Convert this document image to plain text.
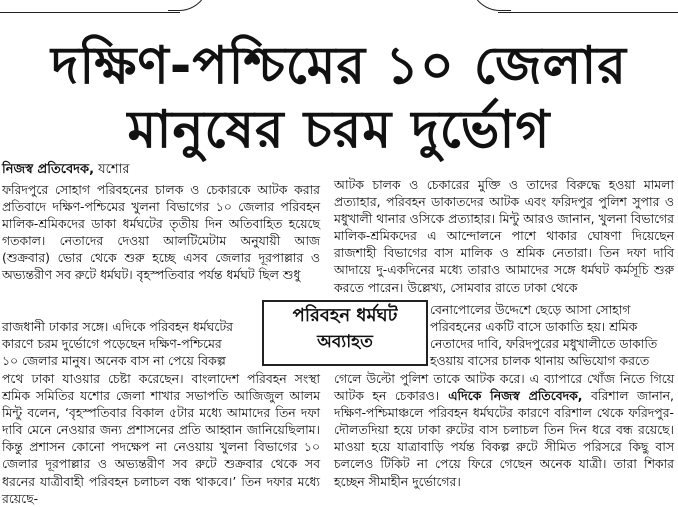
দক্ষিণ-পশ্চিমের ১০ জেলার
মানুষের চরম দুর্ভোগ
নিজস্ব প্রতিবেদক, যশোর

ফরিদপুরে সোহাগ পরিবহনের চালক ও চেকারকে আটক করার প্রতিবাদে দক্ষিণ-পশ্চিমের খুলনা বিভাগের ১০ জেলার পরিবহন মালিক-শ্রমিকদের ডাকা ধর্মঘটের তৃতীয় দিন অতিবাহিত হয়েছে গতকাল। নেতাদের দেওয়া আলটিমেটাম অনুযায়ী আজ (শুক্রবার) ভোর থেকে শুরু হচ্ছে এসব জেলার দূরপাল্লার ও অভ্যন্তরীণ সব রুটে ধর্মঘট। বৃহস্পতিবার পর্যন্ত ধর্মঘট ছিল শুধু

রাজধানী ঢাকার সঙ্গে। এদিকে পরিবহন ধর্মঘটের
কারণে চরম দুর্ভোগে পড়েছেন দক্ষিণ-পশ্চিমের
১০ জেলার মানুষ। অনেক বাস না পেয়ে বিকল্প

পথে ঢাকা যাওয়ার চেষ্টা করেছেন। বাংলাদেশ পরিবহন সংস্থা শ্রমিক সমিতির যশোর জেলা শাখার সভাপতি আজিজুল আলম মিন্টু বলেন, ‘বৃহস্পতিবার বিকাল ৫টার মধ্যে আমাদের তিন দফা দাবি মেনে নেওয়ার জন্য প্রশাসনের প্রতি আহ্বান জানিয়েছিলাম। কিন্তু প্রশাসন কোনো পদক্ষেপ না নেওয়ায় খুলনা বিভাগের ১০ জেলার দূরপাল্লার ও অভ্যন্তরীণ সব রুটে শুক্রবার থেকে সব ধরনের যাত্রীবাহী পরিবহন চলাচল বন্ধ থাকবে।’ তিন দফার মধ্যে রয়েছে-

আটক চালক ও চেকারের মুক্তি ও তাদের বিরুদ্ধে হওয়া মামলা প্রত্যাহার, পরিবহন ডাকাতদের আটক এবং ফরিদপুর পুলিশ সুপার ও মধুখালী থানার ওসিকে প্রত্যাহার। মিন্টু আরও জানান, খুলনা বিভাগের মালিক-শ্রমিকদের এ আন্দোলনে পাশে থাকার ঘোষণা দিয়েছেন রাজশাহী বিভাগের বাস মালিক ও শ্রমিক নেতারা। তিন দফা দাবি আদায়ে দু-একদিনের মধ্যে তারাও আমাদের সঙ্গে ধর্মঘট কর্মসূচি শুরু করতে পারেন। উল্লেখ্য, সোমবার রাতে ঢাকা থেকে

বেনাপোলের উদ্দেশে ছেড়ে আসা সোহাগ
পরিবহনের একটি বাসে ডাকাতি হয়। শ্রমিক
নেতাদের দাবি, ফরিদপুরের মধুখালীতে ডাকাতি
হওয়ায় বাসের চালক থানায় অভিযোগ করতে

গেলে উল্টো পুলিশ তাকে আটক করে। এ ব্যাপারে খোঁজ নিতে গিয়ে আটক হন চেকারও। এদিকে নিজস্ব প্রতিবেদক, বরিশাল জানান, দক্ষিণ-পশ্চিমাঞ্চলে পরিবহন ধর্মঘটের কারণে বরিশাল থেকে ফরিদপুর-দৌলতদিয়া হয়ে ঢাকা রুটের বাস চলাচল তিন দিন ধরে বন্ধ রয়েছে। মাওয়া হয়ে যাত্রাবাড়ি পর্যন্ত বিকল্প রুটে সীমিত পরিসরে কিছু বাস চললেও টিকিট না পেয়ে ফিরে গেছেন অনেক যাত্রী। তারা শিকার হচ্ছেন সীমাহীন দুর্ভোগের।

পরিবহন ধর্মঘট
অব্যাহত
